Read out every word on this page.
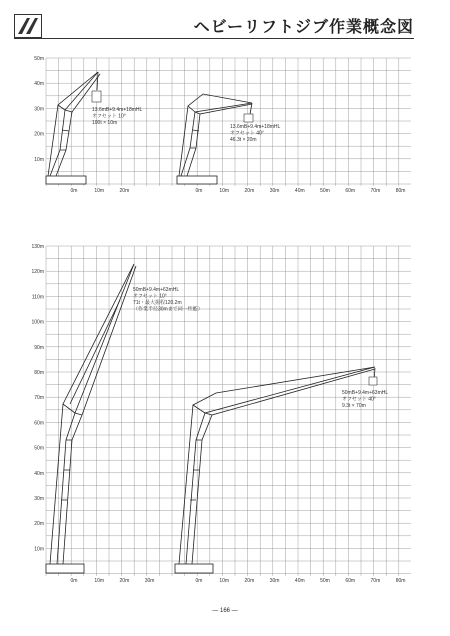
ヘビーリフトジブ作業概念図
50m
40m
30m
20m
10m
130m
120m
110m
100m
90m
80m
70m
60m
50m
40m
30m
20m
10m
0m	10m	20m	0m	10m	20m	30m	40m	50m	60m	70m	80m
0m	10m	20m	30m	0m	10m	20m	30m	40m	50m	60m	70m	80m
13.6mB+9.4m+18mHL
オフセット 10°
100t × 10m
13.6mB+9.4m+18mHL
オフセット 40°
46.3t × 20m
50mB+9.4m+63mHL
オフセット 10°
71t・最大揚程120.2m
（作業半径30mまで同一性能）
50mB+9.4m+63mHL
オフセット 40°
9.3t × 70m
— 166 —
